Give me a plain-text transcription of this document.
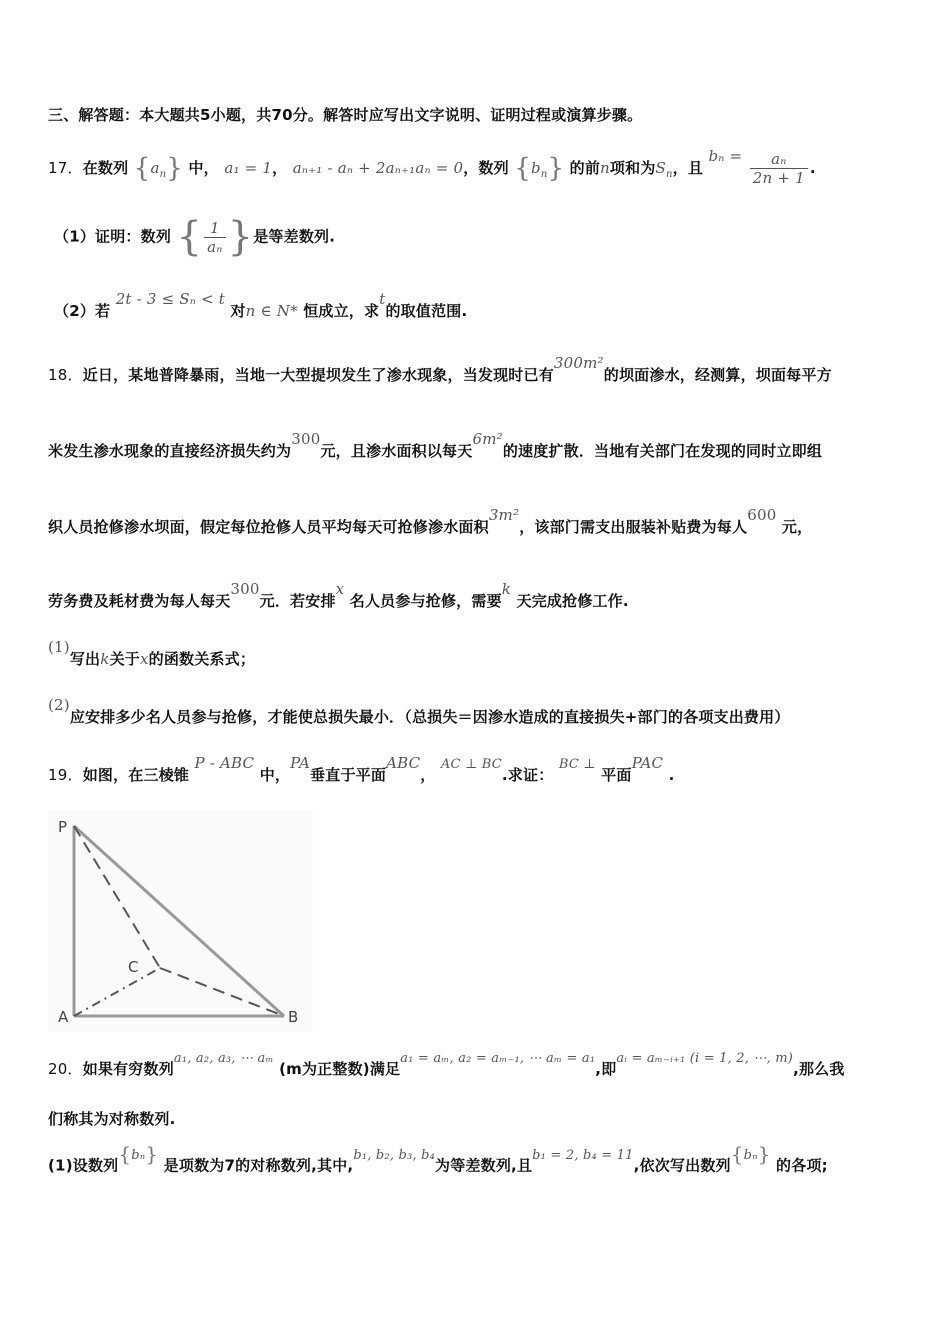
三、解答题：本大题共5小题，共70分。解答时应写出文字说明、证明过程或演算步骤。
17．在数列 $\{a_n\}$ 中， a₁ = 1， aₙ₊₁ - aₙ + 2aₙ₊₁aₙ = 0，数列 $\{b_n\}$ 的前n项和为$S_n$，且 $b_n = \frac{\text{aₙ}}{2n + 1}$ .
（1）证明：数列 { $\frac{1}{\text{aₙ}}$ }是等差数列.
（2）若 2t - 3 ≤ Sₙ < t 对n ∈ N* 恒成立，求t的取值范围.
18．近日，某地普降暴雨，当地一大型提坝发生了渗水现象，当发现时已有300m²的坝面渗水，经测算，坝面每平方
米发生渗水现象的直接经济损失约为300元，且渗水面积以每天6m²的速度扩散．当地有关部门在发现的同时立即组
织人员抢修渗水坝面，假定每位抢修人员平均每天可抢修渗水面积3m²，该部门需支出服装补贴费为每人600 元，
劳务费及耗材费为每人每天300元．若安排x 名人员参与抢修，需要k 天完成抢修工作.
(1)写出k关于x的函数关系式；
(2)应安排多少名人员参与抢修，才能使总损失最小．（总损失＝因渗水造成的直接损失+部门的各项支出费用）
19．如图，在三棱锥 P - ABC 中，PA垂直于平面ABC， AC ⊥ BC.求证： BC ⊥ 平面PAC .
P
C
A	B
20．如果有穷数列a₁, a₂, a₃, ⋯ aₘ (m为正整数)满足a₁ = aₘ, a₂ = aₘ₋₁, ⋯ aₘ = a₁,即aᵢ = aₘ₋ᵢ₊₁ (i = 1, 2, ⋯, m),那么我
们称其为对称数列.
(1)设数列{bₙ} 是项数为7的对称数列,其中,b₁, b₂, b₃, b₄为等差数列,且b₁ = 2, b₄ = 11,依次写出数列{bₙ} 的各项;
